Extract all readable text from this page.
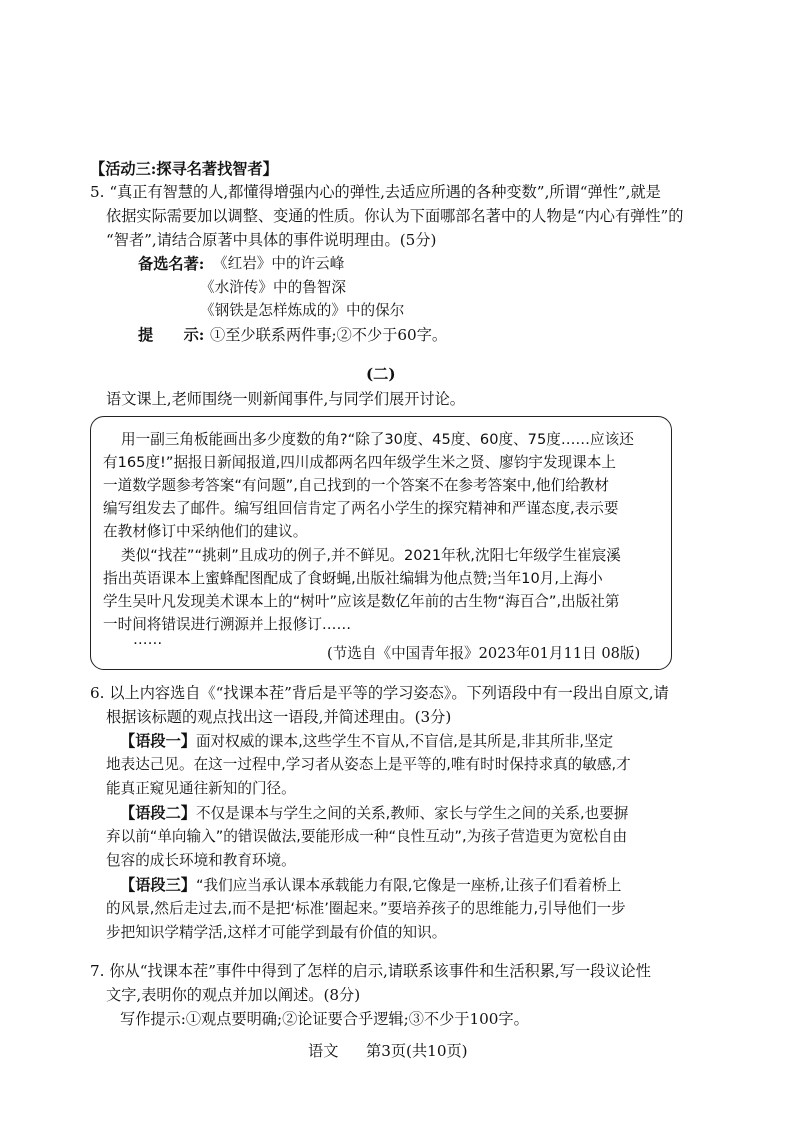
【活动三:探寻名著找智者】
5. “真正有智慧的人,都懂得增强内心的弹性,去适应所遇的各种变数”,所谓“弹性”,就是
依据实际需要加以调整、变通的性质。你认为下面哪部名著中的人物是“内心有弹性”的
“智者”,请结合原著中具体的事件说明理由。(5分)
备选名著: 《红岩》中的许云峰
《水浒传》中的鲁智深
《钢铁是怎样炼成的》中的保尔
提　　示: ①至少联系两件事;②不少于60字。
(二)
语文课上,老师围绕一则新闻事件,与同学们展开讨论。
用一副三角板能画出多少度数的角?“除了30度、45度、60度、75度……应该还
有165度!”据报日新闻报道,四川成都两名四年级学生米之贤、廖钧宇发现课本上
一道数学题参考答案“有问题”,自己找到的一个答案不在参考答案中,他们给教材
编写组发去了邮件。编写组回信肯定了两名小学生的探究精神和严谨态度,表示要
在教材修订中采纳他们的建议。
类似“找茬”“挑刺”且成功的例子,并不鲜见。2021年秋,沈阳七年级学生崔宸溪
指出英语课本上蜜蜂配图配成了食蚜蝇,出版社编辑为他点赞;当年10月,上海小
学生吴叶凡发现美术课本上的“树叶”应该是数亿年前的古生物“海百合”,出版社第
一时间将错误进行溯源并上报修订……
……
(节选自《中国青年报》2023年01月11日 08版)
6. 以上内容选自《“找课本茬”背后是平等的学习姿态》。下列语段中有一段出自原文,请
根据该标题的观点找出这一语段,并简述理由。(3分)
【语段一】面对权威的课本,这些学生不盲从,不盲信,是其所是,非其所非,坚定
地表达己见。在这一过程中,学习者从姿态上是平等的,唯有时时保持求真的敏感,才
能真正窥见通往新知的门径。
【语段二】不仅是课本与学生之间的关系,教师、家长与学生之间的关系,也要摒
弃以前“单向输入”的错误做法,要能形成一种“良性互动”,为孩子营造更为宽松自由
包容的成长环境和教育环境。
【语段三】“我们应当承认课本承载能力有限,它像是一座桥,让孩子们看着桥上
的风景,然后走过去,而不是把‘标准’圈起来。”要培养孩子的思维能力,引导他们一步
步把知识学精学活,这样才可能学到最有价值的知识。
7. 你从“找课本茬”事件中得到了怎样的启示,请联系该事件和生活积累,写一段议论性
文字,表明你的观点并加以阐述。(8分)
写作提示:①观点要明确;②论证要合乎逻辑;③不少于100字。
语文 第3页(共10页)
